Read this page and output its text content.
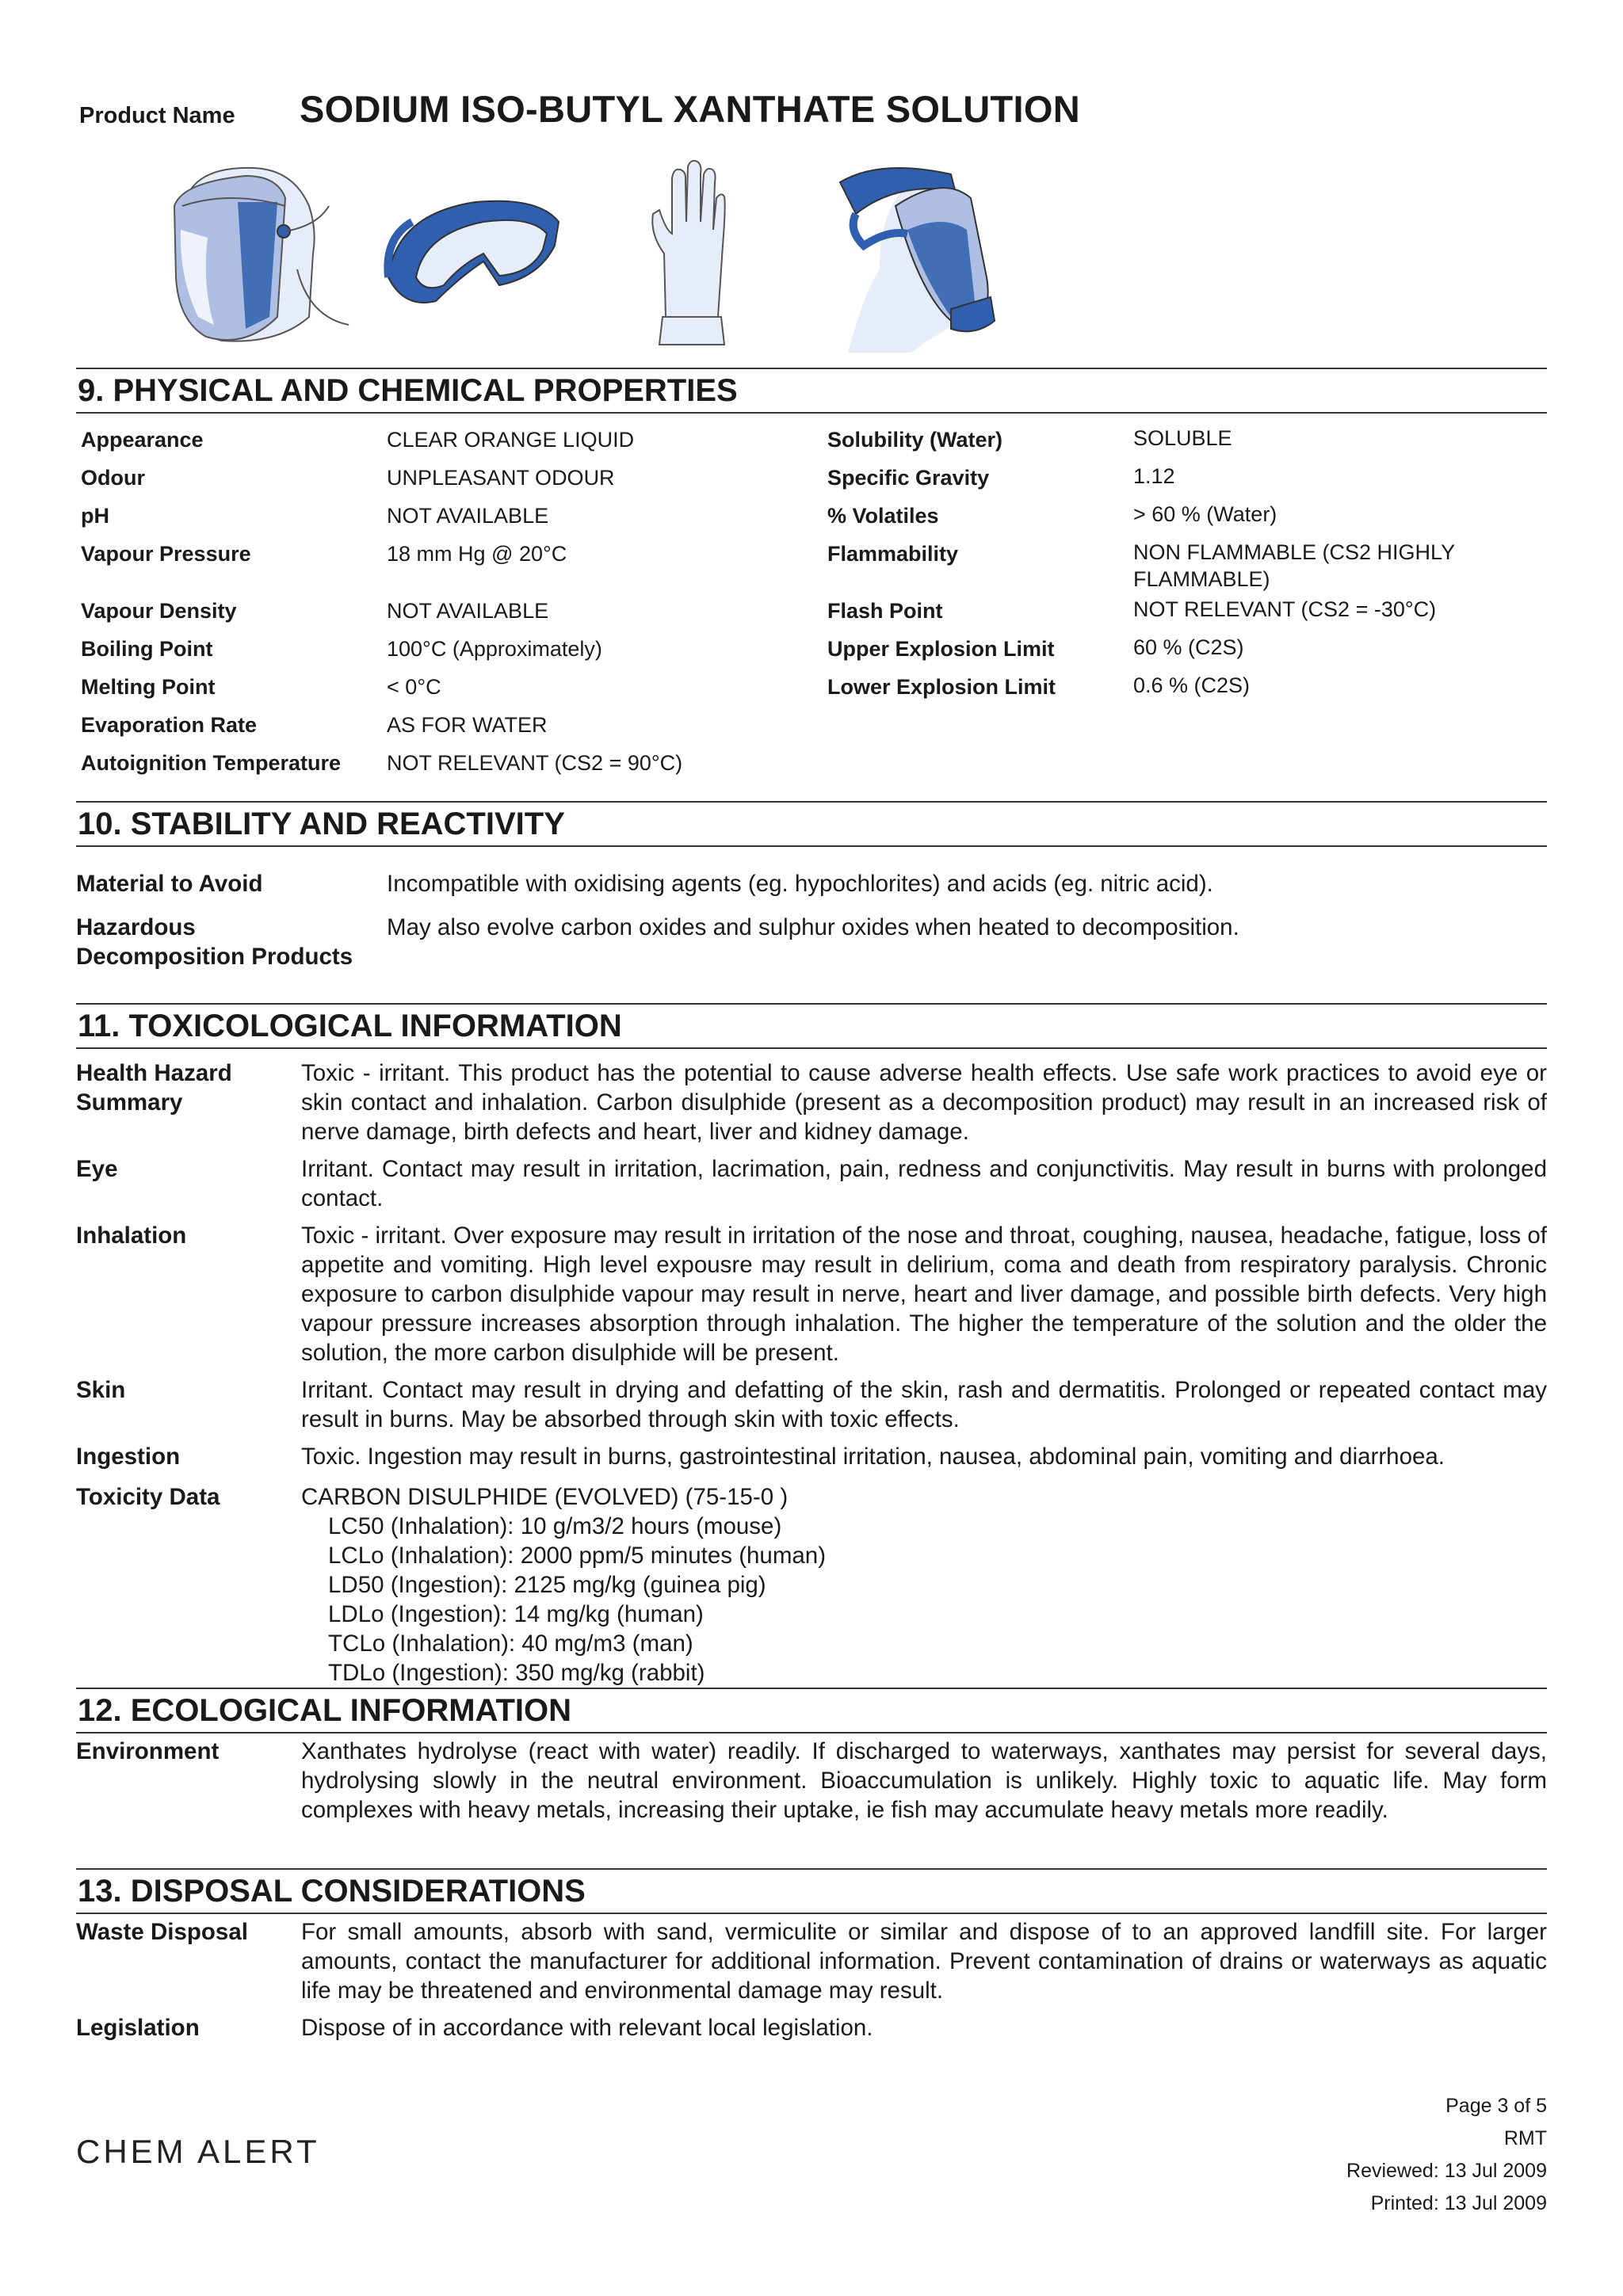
Product Name SODIUM ISO-BUTYL XANTHATE SOLUTION
9. PHYSICAL AND CHEMICAL PROPERTIES
Appearance	CLEAR ORANGE LIQUID	Solubility (Water)	SOLUBLE
Odour	UNPLEASANT ODOUR	Specific Gravity	1.12
pH	NOT AVAILABLE	% Volatiles	> 60 % (Water)
Vapour Pressure	18 mm Hg @ 20°C	Flammability	NON FLAMMABLE (CS2 HIGHLY FLAMMABLE)
Vapour Density	NOT AVAILABLE	Flash Point	NOT RELEVANT (CS2 = -30°C)
Boiling Point	100°C (Approximately)	Upper Explosion Limit	60 % (C2S)
Melting Point	< 0°C	Lower Explosion Limit	0.6 % (C2S)
Evaporation Rate	AS FOR WATER
Autoignition Temperature NOT RELEVANT (CS2 = 90°C)
10. STABILITY AND REACTIVITY
Material to Avoid	Incompatible with oxidising agents (eg. hypochlorites) and acids (eg. nitric acid).
Hazardous
Decomposition Products
May also evolve carbon oxides and sulphur oxides when heated to decomposition.
11. TOXICOLOGICAL INFORMATION
Health Hazard
Summary
Toxic - irritant. This product has the potential to cause adverse health effects. Use safe work practices to avoid eye or skin contact and inhalation. Carbon disulphide (present as a decomposition product) may result in an increased risk of nerve damage, birth defects and heart, liver and kidney damage.
Eye	Irritant. Contact may result in irritation, lacrimation, pain, redness and conjunctivitis. May result in burns with prolonged contact.
Inhalation	Toxic - irritant. Over exposure may result in irritation of the nose and throat, coughing, nausea, headache, fatigue, loss of appetite and vomiting. High level expousre may result in delirium, coma and death from respiratory paralysis. Chronic exposure to carbon disulphide vapour may result in nerve, heart and liver damage, and possible birth defects. Very high vapour pressure increases absorption through inhalation. The higher the temperature of the solution and the older the solution, the more carbon disulphide will be present.
Skin	Irritant. Contact may result in drying and defatting of the skin, rash and dermatitis. Prolonged or repeated contact may result in burns. May be absorbed through skin with toxic effects.
Ingestion	Toxic. Ingestion may result in burns, gastrointestinal irritation, nausea, abdominal pain, vomiting and diarrhoea.
Toxicity Data	CARBON DISULPHIDE (EVOLVED) (75-15-0 )
LC50 (Inhalation): 10 g/m3/2 hours (mouse)
LCLo (Inhalation): 2000 ppm/5 minutes (human)
LD50 (Ingestion): 2125 mg/kg (guinea pig)
LDLo (Ingestion): 14 mg/kg (human)
TCLo (Inhalation): 40 mg/m3 (man)
TDLo (Ingestion): 350 mg/kg (rabbit)
12. ECOLOGICAL INFORMATION
Environment	Xanthates hydrolyse (react with water) readily. If discharged to waterways, xanthates may persist for several days, hydrolysing slowly in the neutral environment. Bioaccumulation is unlikely. Highly toxic to aquatic life. May form complexes with heavy metals, increasing their uptake, ie fish may accumulate heavy metals more readily.
13. DISPOSAL CONSIDERATIONS
Waste Disposal	For small amounts, absorb with sand, vermiculite or similar and dispose of to an approved landfill site. For larger amounts, contact the manufacturer for additional information. Prevent contamination of drains or waterways as aquatic life may be threatened and environmental damage may result.
Legislation	Dispose of in accordance with relevant local legislation.
CHEM ALERT
Page 3 of 5
RMT
Reviewed: 13 Jul 2009
Printed: 13 Jul 2009
